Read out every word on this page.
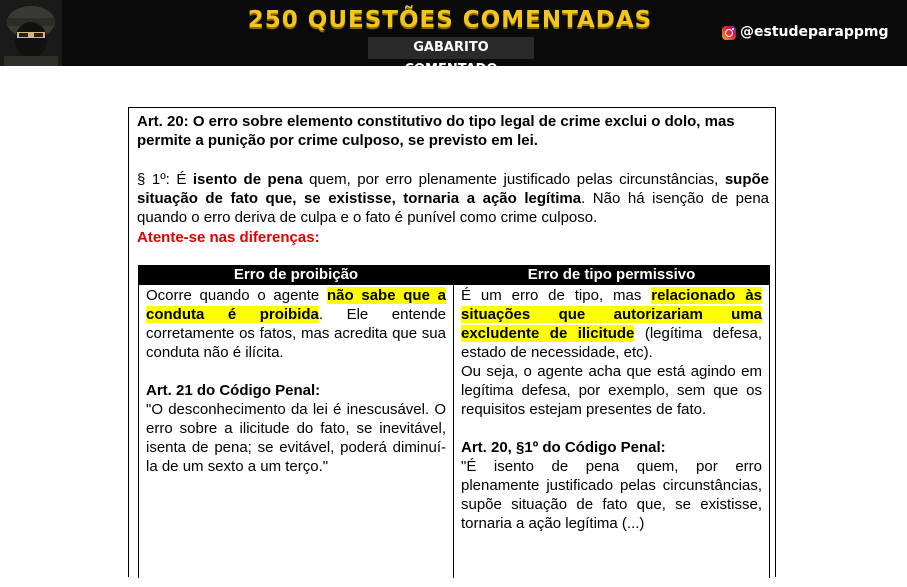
250 QUESTÕES COMENTADAS
GABARITO COMENTADO
@estudeparappmg

Art. 20: O erro sobre elemento constitutivo do tipo legal de crime exclui o dolo, mas permite a punição por crime culposo, se previsto em lei.

§ 1º: É isento de pena quem, por erro plenamente justificado pelas circunstâncias, supõe situação de fato que, se existisse, tornaria a ação legítima. Não há isenção de pena quando o erro deriva de culpa e o fato é punível como crime culposo.

Atente-se nas diferenças:

Erro de proibição
Ocorre quando o agente não sabe que a conduta é proibida. Ele entende corretamente os fatos, mas acredita que sua conduta não é ilícita.
Art. 21 do Código Penal:
"O desconhecimento da lei é inescusável. O erro sobre a ilicitude do fato, se inevitável, isenta de pena; se evitável, poderá diminuí-la de um sexto a um terço."
Erro de tipo permissivo
É um erro de tipo, mas relacionado às situações que autorizariam uma excludente de ilicitude (legítima defesa, estado de necessidade, etc).
Ou seja, o agente acha que está agindo em legítima defesa, por exemplo, sem que os requisitos estejam presentes de fato.
Art. 20, §1º do Código Penal:
"É isento de pena quem, por erro plenamente justificado pelas circunstâncias, supõe situação de fato que, se existisse, tornaria a ação legítima (...)
